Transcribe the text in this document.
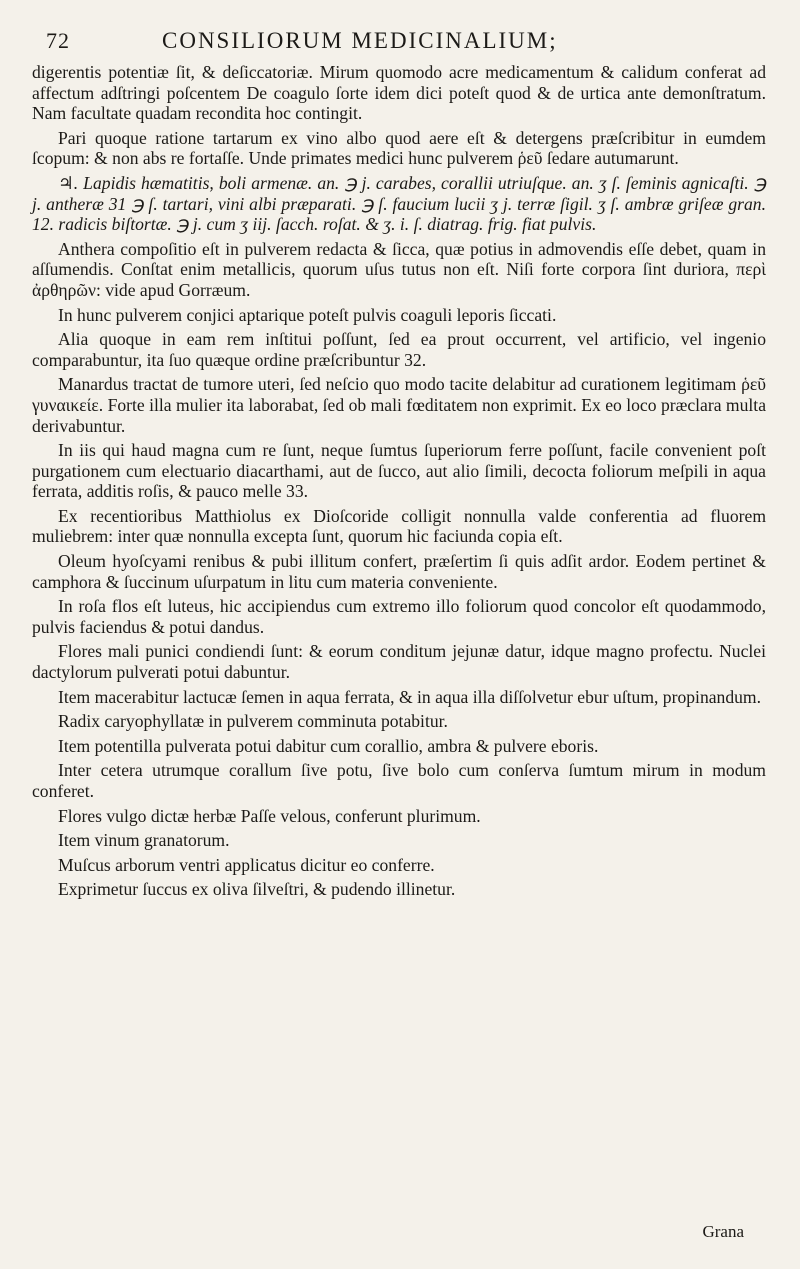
72	CONSILIORUM MEDICINALIUM;

digerentis potentiæ ſit, & deſiccatoriæ. Mirum quomodo acre medicamentum & calidum conferat ad affectum adſtringi poſcentem De coagulo ſorte idem dici poteſt quod & de urtica ante demonſtratum. Nam facultate quadam recondita hoc contingit.

Pari quoque ratione tartarum ex vino albo quod aere eſt & detergens præſcribitur in eumdem ſcopum: & non abs re fortaſſe. Unde primates medici hunc pulverem ῥεῦ ſedare autumarunt.

♃. Lapidis hæmatitis, boli armenæ. an. ℈ j. carabes, corallii utriuſque. an. ʒ ſ. ſeminis agnicaſti. ℈ j. antheræ 31 ℈ ſ. tartari, vini albi præparati. ℈ ſ. faucium lucii ʒ j. terræ ſigil. ʒ ſ. ambræ griſeæ gran. 12. radicis biſtortæ. ℈ j. cum ʒ iij. ſacch. roſat. & ʒ. i. ſ. diatrag. frig. fiat pulvis.

Anthera compoſitio eſt in pulverem redacta & ſicca, quæ potius in admovendis eſſe debet, quam in aſſumendis. Conſtat enim metallicis, quorum uſus tutus non eſt. Niſi forte corpora ſint duriora, περὶ ἀρθηρῶν: vide apud Gorræum.

In hunc pulverem conjici aptarique poteſt pulvis coaguli leporis ſiccati.

Alia quoque in eam rem inſtitui poſſunt, ſed ea prout occurrent, vel artificio, vel ingenio comparabuntur, ita ſuo quæque ordine præſcribuntur 32.

Manardus tractat de tumore uteri, ſed neſcio quo modo tacite delabitur ad curationem legitimam ῥεῦ γυναικείε. Forte illa mulier ita laborabat, ſed ob mali fœditatem non exprimit. Ex eo loco præclara multa derivabuntur.

In iis qui haud magna cum re ſunt, neque ſumtus ſuperiorum ferre poſſunt, facile convenient poſt purgationem cum electuario diacarthami, aut de ſucco, aut alio ſimili, decocta foliorum meſpili in aqua ferrata, additis roſis, & pauco melle 33.

Ex recentioribus Matthiolus ex Dioſcoride colligit nonnulla valde conferentia ad fluorem muliebrem: inter quæ nonnulla excepta ſunt, quorum hic faciunda copia eſt.

Oleum hyoſcyami renibus & pubi illitum confert, præſertim ſi quis adſit ardor. Eodem pertinet & camphora & ſuccinum uſurpatum in litu cum materia conveniente.

In roſa flos eſt luteus, hic accipiendus cum extremo illo foliorum quod concolor eſt quodammodo, pulvis faciendus & potui dandus.

Flores mali punici condiendi ſunt: & eorum conditum jejunæ datur, idque magno profectu. Nuclei dactylorum pulverati potui dabuntur.

Item macerabitur lactucæ ſemen in aqua ferrata, & in aqua illa diſſolvetur ebur uſtum, propinandum.

Radix caryophyllatæ in pulverem comminuta potabitur.

Item potentilla pulverata potui dabitur cum corallio, ambra & pulvere eboris.

Inter cetera utrumque corallum ſive potu, ſive bolo cum conſerva ſumtum mirum in modum conferet.

Flores vulgo dictæ herbæ Paſſe velous, conferunt plurimum.

Item vinum granatorum.

Muſcus arborum ventri applicatus dicitur eo conferre.

Exprimetur ſuccus ex oliva ſilveſtri, & pudendo illinetur.

Grana
